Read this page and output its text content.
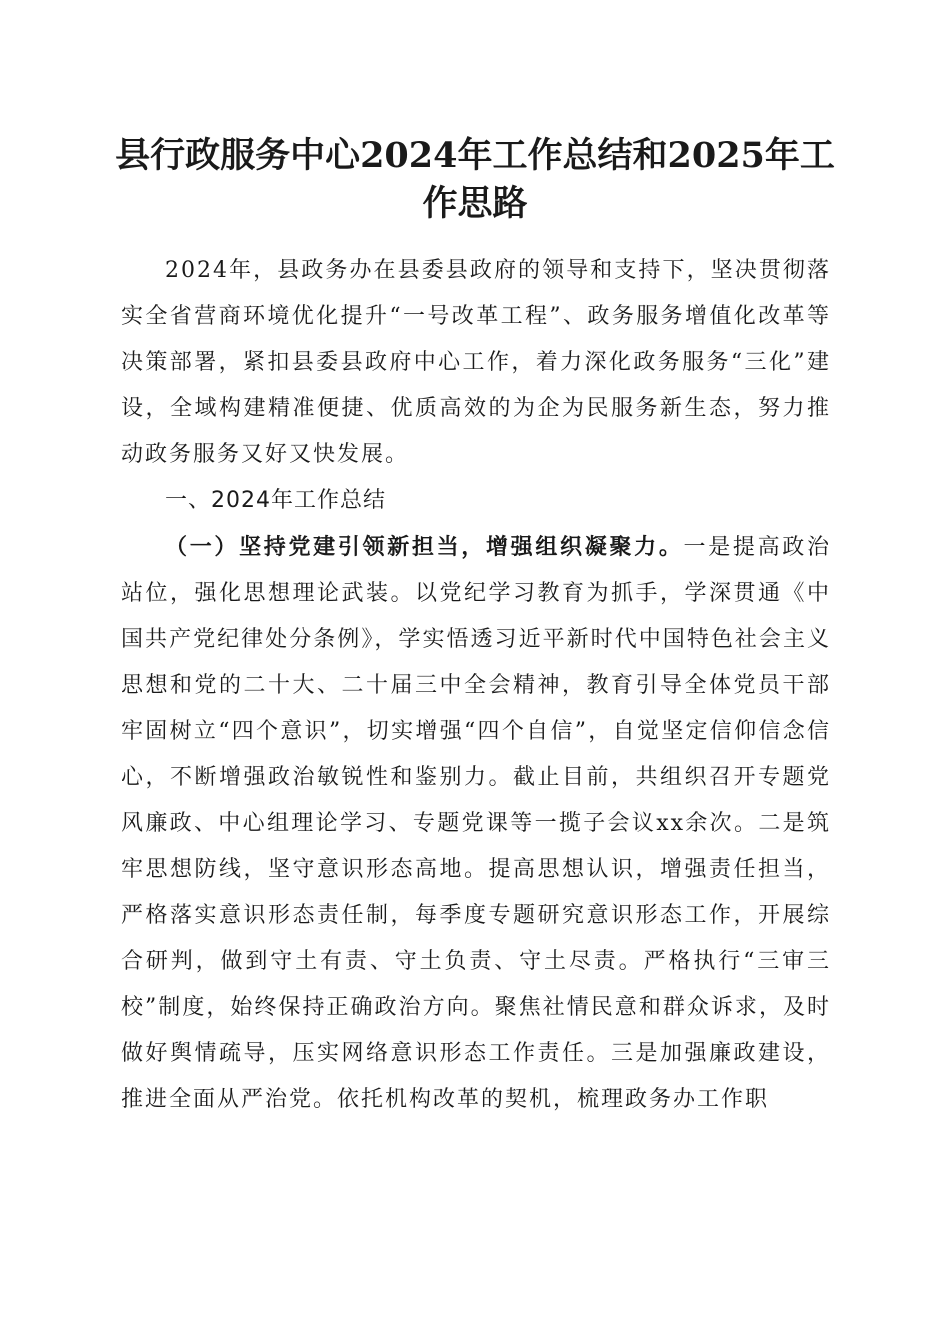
县行政服务中心2024年工作总结和2025年工作思路

2024年，县政务办在县委县政府的领导和支持下，坚决贯彻落实全省营商环境优化提升“一号改革工程”、政务服务增值化改革等决策部署，紧扣县委县政府中心工作，着力深化政务服务“三化”建设，全域构建精准便捷、优质高效的为企为民服务新生态，努力推动政务服务又好又快发展。

一、2024年工作总结

（一）坚持党建引领新担当，增强组织凝聚力。一是提高政治站位，强化思想理论武装。以党纪学习教育为抓手，学深贯通《中国共产党纪律处分条例》，学实悟透习近平新时代中国特色社会主义思想和党的二十大、二十届三中全会精神，教育引导全体党员干部牢固树立“四个意识”，切实增强“四个自信”，自觉坚定信仰信念信心，不断增强政治敏锐性和鉴别力。截止目前，共组织召开专题党风廉政、中心组理论学习、专题党课等一揽子会议xx余次。二是筑牢思想防线，坚守意识形态高地。提高思想认识，增强责任担当，严格落实意识形态责任制，每季度专题研究意识形态工作，开展综合研判，做到守土有责、守土负责、守土尽责。严格执行“三审三校”制度，始终保持正确政治方向。聚焦社情民意和群众诉求，及时做好舆情疏导，压实网络意识形态工作责任。三是加强廉政建设，推进全面从严治党。依托机构改革的契机，梳理政务办工作职
